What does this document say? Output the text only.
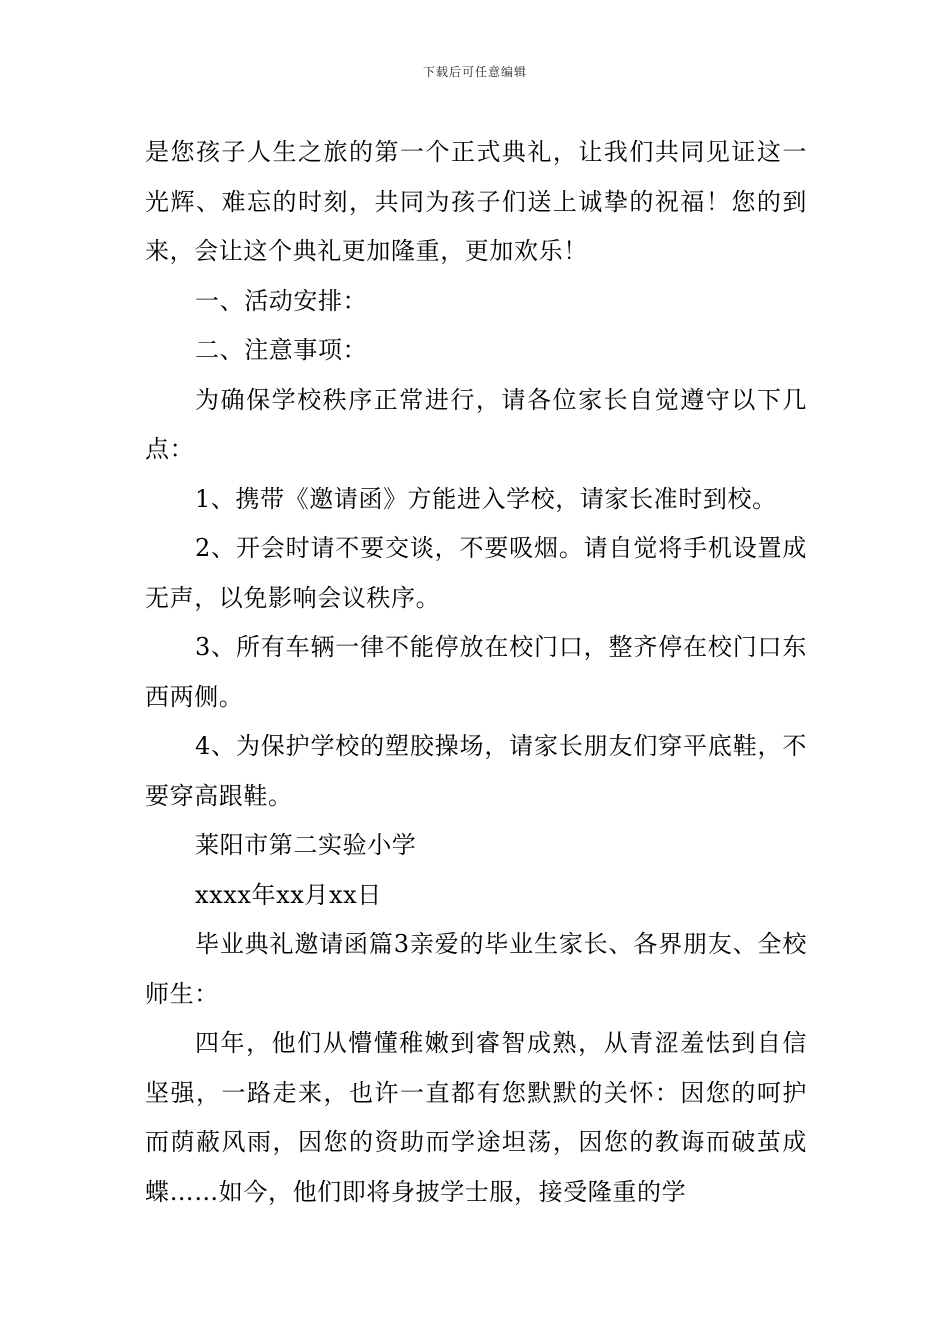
下载后可任意编辑

是您孩子人生之旅的第一个正式典礼，让我们共同见证这一光辉、难忘的时刻，共同为孩子们送上诚挚的祝福！您的到来，会让这个典礼更加隆重，更加欢乐！

一、活动安排：

二、注意事项：

为确保学校秩序正常进行，请各位家长自觉遵守以下几点：

1、携带《邀请函》方能进入学校，请家长准时到校。

2、开会时请不要交谈，不要吸烟。请自觉将手机设置成无声，以免影响会议秩序。

3、所有车辆一律不能停放在校门口，整齐停在校门口东西两侧。

4、为保护学校的塑胶操场，请家长朋友们穿平底鞋，不要穿高跟鞋。

莱阳市第二实验小学

xxxx年xx月xx日

毕业典礼邀请函篇3亲爱的毕业生家长、各界朋友、全校师生：

四年，他们从懵懂稚嫩到睿智成熟，从青涩羞怯到自信坚强，一路走来，也许一直都有您默默的关怀：因您的呵护而荫蔽风雨，因您的资助而学途坦荡，因您的教诲而破茧成蝶……如今，他们即将身披学士服，接受隆重的学
